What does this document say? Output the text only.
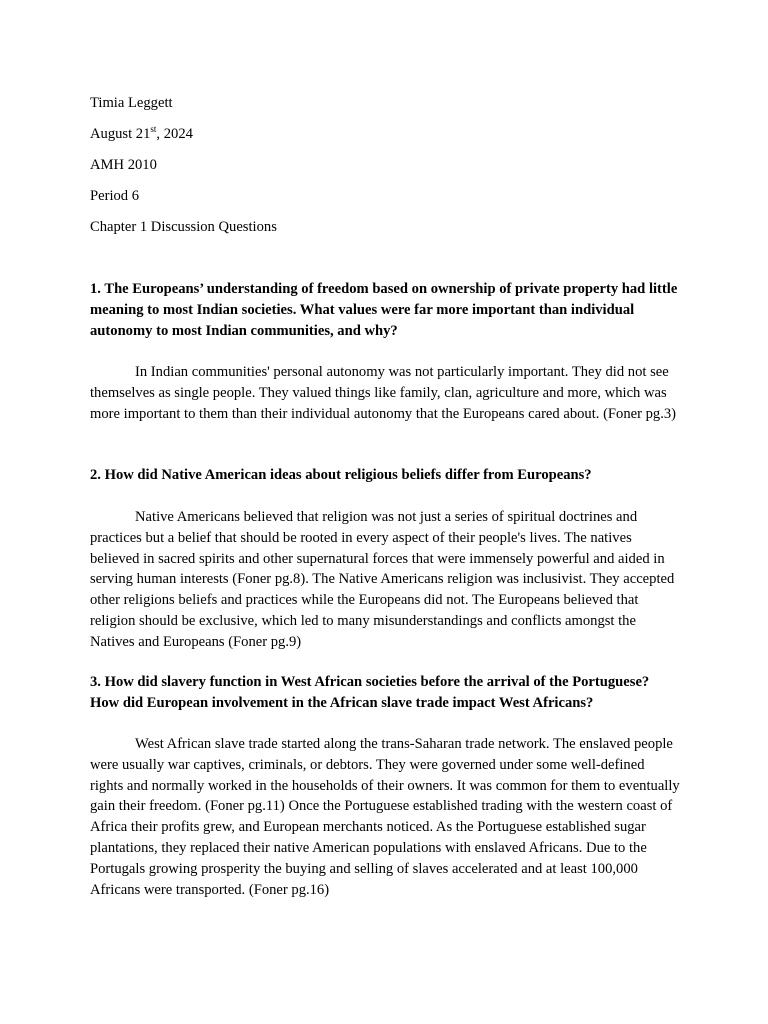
Timia Leggett
August 21st, 2024
AMH 2010
Period 6
Chapter 1 Discussion Questions
1. The Europeans’ understanding of freedom based on ownership of private property had little meaning to most Indian societies. What values were far more important than individual autonomy to most Indian communities, and why?
In Indian communities' personal autonomy was not particularly important. They did not see themselves as single people. They valued things like family, clan, agriculture and more, which was more important to them than their individual autonomy that the Europeans cared about. (Foner pg.3)
2. How did Native American ideas about religious beliefs differ from Europeans?
Native Americans believed that religion was not just a series of spiritual doctrines and practices but a belief that should be rooted in every aspect of their people's lives. The natives believed in sacred spirits and other supernatural forces that were immensely powerful and aided in serving human interests (Foner pg.8). The Native Americans religion was inclusivist. They accepted other religions beliefs and practices while the Europeans did not. The Europeans believed that religion should be exclusive, which led to many misunderstandings and conflicts amongst the Natives and Europeans (Foner pg.9)
3. How did slavery function in West African societies before the arrival of the Portuguese? How did European involvement in the African slave trade impact West Africans?
West African slave trade started along the trans-Saharan trade network. The enslaved people were usually war captives, criminals, or debtors. They were governed under some well-defined rights and normally worked in the households of their owners. It was common for them to eventually gain their freedom. (Foner pg.11) Once the Portuguese established trading with the western coast of Africa their profits grew, and European merchants noticed. As the Portuguese established sugar plantations, they replaced their native American populations with enslaved Africans. Due to the Portugals growing prosperity the buying and selling of slaves accelerated and at least 100,000 Africans were transported. (Foner pg.16)
